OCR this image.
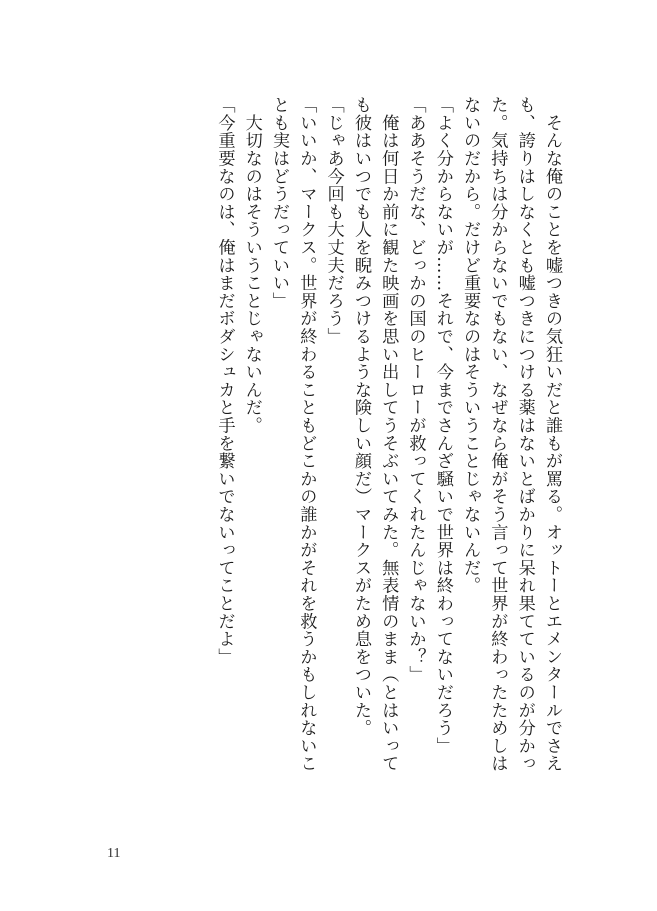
　そんな俺のことを嘘つきの気狂いだと誰もが罵る。オットーとエメンタールでさえ

も、誇りはしなくとも嘘つきにつける薬はないとばかりに呆れ果てているのが分かっ

た。気持ちは分からないでもない、なぜなら俺がそう言って世界が終わったためしは

ないのだから。だけど重要なのはそういうことじゃないんだ。

「よく分からないが……それで、今までさんざ騒いで世界は終わってないだろう」

「ああそうだな、どっかの国のヒーローが救ってくれたんじゃないか？」

　俺は何日か前に観た映画を思い出してうそぶいてみた。無表情のまま（とはいって

も彼はいつでも人を睨みつけるような険しい顔だ）マークスがため息をついた。

「じゃあ今回も大丈夫だろう」

「いいか、マークス。世界が終わることもどこかの誰かがそれを救うかもしれないこ

とも実はどうだっていい」

　大切なのはそういうことじゃないんだ。

「今重要なのは、俺はまだボダシュカと手を繋いでないってことだよ」

11
